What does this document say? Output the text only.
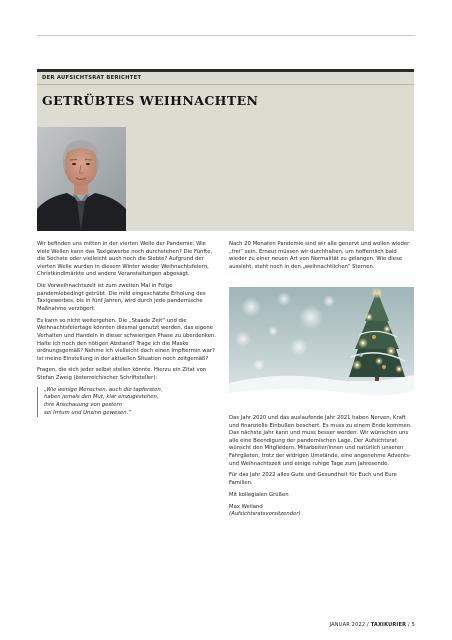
DER AUFSICHTSRAT BERICHTET
GETRÜBTES WEIHNACHTEN

Wir befinden uns mitten in der vierten Welle der Pandemie. Wie viele Wellen kann das Taxigewerbe noch durchstehen? Die Fünfte, die Sechste oder vielleicht auch noch die Siebte? Aufgrund der vierten Welle wurden in diesem Winter wieder Weihnachtsfeiern, Christkindlmärkte und andere Veranstaltungen abgesagt.

Die Vorweihnachtszeit ist zum zweiten Mal in Folge pandemiebedingt getrübt. Die mild eingeschätzte Erholung des Taxigewerbes, bis in fünf Jahren, wird durch jede pandemische Maßnahme verzögert.

Es kann so nicht weitergehen. Die „Staade Zeit“ und die Weihnachtsfeiertage könnten diesmal genutzt werden, das eigene Verhalten und Handeln in dieser schwierigen Phase zu überdenken. Halte ich noch den nötigen Abstand? Trage ich die Maske ordnungsgemäß? Nehme ich vielleicht doch einen Impftermin war? Ist meine Einstellung in der aktuellen Situation noch zeitgemäß?

Fragen, die sich jeder selbst stellen könnte. Hierzu ein Zitat von Stefan Zweig (österreichischer Schriftsteller):

„Wie wenige Menschen, auch die tapfersten,
haben jemals den Mut, klar einzugestehen,
ihre Anschauung von gestern
sei Irrtum und Unsinn gewesen.“

Nach 20 Monaten Pandemie sind wir alle genervt und wollen wieder „frei“ sein. Erneut müssen wir durchhalten, um hoffentlich bald wieder zu einer neuen Art von Normalität zu gelangen. Wie diese aussieht, steht noch in den „weihnachtlichen“ Sternen.

Foto: Adobe Stock

Das Jahr 2020 und das auslaufende Jahr 2021 haben Nerven, Kraft und finanzielle Einbußen beschert. Es muss zu einem Ende kommen. Das nächste Jahr kann und muss besser werden. Wir wünschen uns alle eine Beendigung der pandemischen Lage. Der Aufsichtsrat wünscht den Mitgliedern, Mitarbeiter/innen und natürlich unseren Fahrgästen, trotz der widrigen Umstände, eine angenehme Advents- und Weihnachtszeit und einige ruhige Tage zum Jahresende.

Für das Jahr 2022 alles Gute und Gesundheit für Euch und Eure Familien.

Mit kollegialen Grüßen

Max Weiland
(Aufsichtsratsvorsitzender)

JANUAR 2022 / TAXIKURIER / 5
